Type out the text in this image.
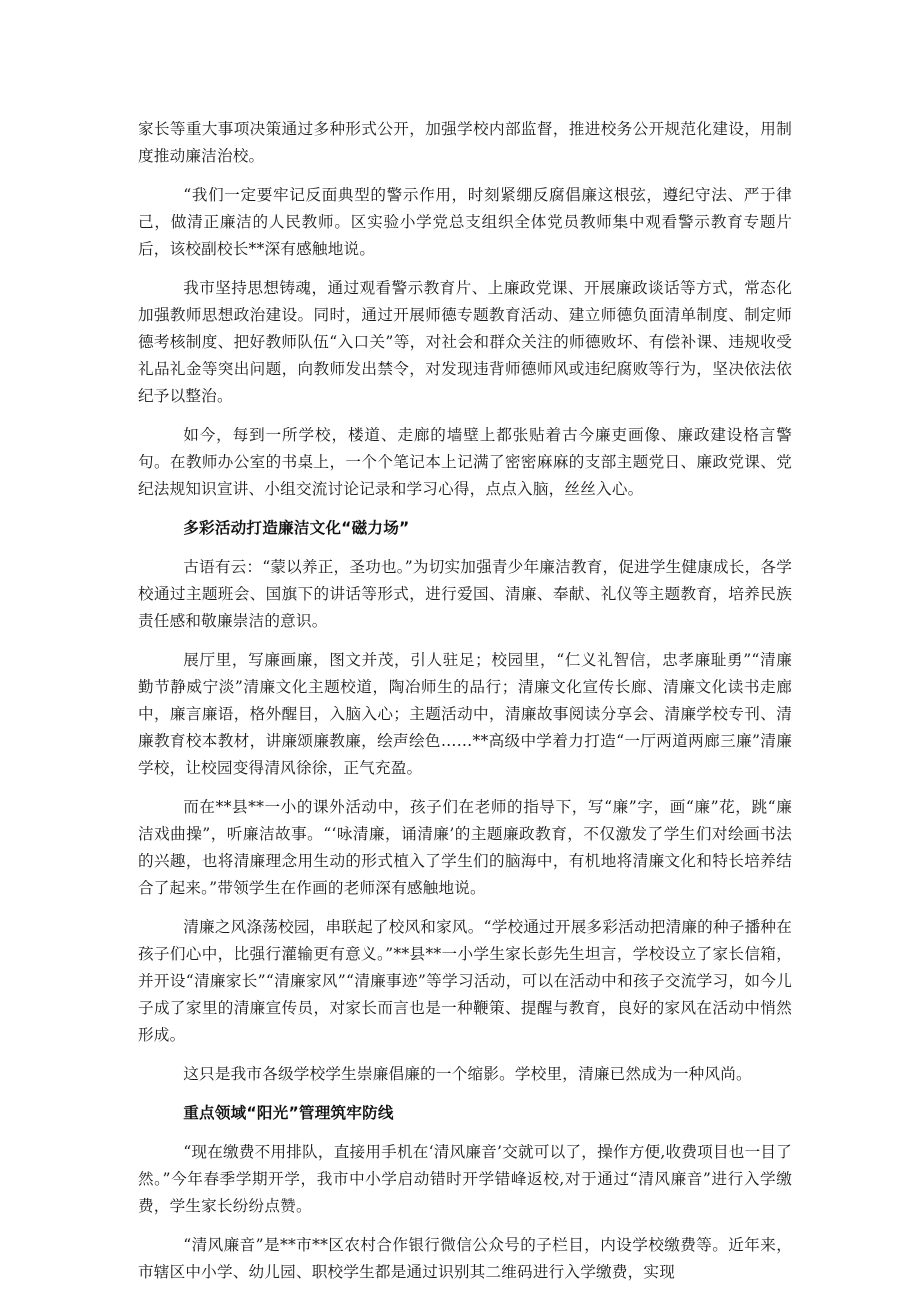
家长等重大事项决策通过多种形式公开，加强学校内部监督，推进校务公开规范化建设，用制度推动廉洁治校。

“我们一定要牢记反面典型的警示作用，时刻紧绷反腐倡廉这根弦，遵纪守法、严于律己，做清正廉洁的人民教师。区实验小学党总支组织全体党员教师集中观看警示教育专题片后，该校副校长**深有感触地说。

我市坚持思想铸魂，通过观看警示教育片、上廉政党课、开展廉政谈话等方式，常态化加强教师思想政治建设。同时，通过开展师德专题教育活动、建立师德负面清单制度、制定师德考核制度、把好教师队伍“入口关”等，对社会和群众关注的师德败坏、有偿补课、违规收受礼品礼金等突出问题，向教师发出禁令，对发现违背师德师风或违纪腐败等行为，坚决依法依纪予以整治。

如今，每到一所学校，楼道、走廊的墙壁上都张贴着古今廉吏画像、廉政建设格言警句。在教师办公室的书桌上，一个个笔记本上记满了密密麻麻的支部主题党日、廉政党课、党纪法规知识宣讲、小组交流讨论记录和学习心得，点点入脑，丝丝入心。

多彩活动打造廉洁文化“磁力场”

古语有云：“蒙以养正，圣功也。”为切实加强青少年廉洁教育，促进学生健康成长，各学校通过主题班会、国旗下的讲话等形式，进行爱国、清廉、奉献、礼仪等主题教育，培养民族责任感和敬廉崇洁的意识。

展厅里，写廉画廉，图文并茂，引人驻足；校园里，“仁义礼智信，忠孝廉耻勇”“清廉勤节静威宁淡”清廉文化主题校道，陶冶师生的品行；清廉文化宣传长廊、清廉文化读书走廊中，廉言廉语，格外醒目，入脑入心；主题活动中，清廉故事阅读分享会、清廉学校专刊、清廉教育校本教材，讲廉颂廉教廉，绘声绘色……**高级中学着力打造“一厅两道两廊三廉”清廉学校，让校园变得清风徐徐，正气充盈。

而在**县**一小的课外活动中，孩子们在老师的指导下，写“廉”字，画“廉”花，跳“廉洁戏曲操”，听廉洁故事。“‘咏清廉，诵清廉’的主题廉政教育，不仅激发了学生们对绘画书法的兴趣，也将清廉理念用生动的形式植入了学生们的脑海中，有机地将清廉文化和特长培养结合了起来。”带领学生在作画的老师深有感触地说。

清廉之风涤荡校园，串联起了校风和家风。“学校通过开展多彩活动把清廉的种子播种在孩子们心中，比强行灌输更有意义。”**县**一小学生家长彭先生坦言，学校设立了家长信箱，并开设“清廉家长”“清廉家风”“清廉事迹”等学习活动，可以在活动中和孩子交流学习，如今儿子成了家里的清廉宣传员，对家长而言也是一种鞭策、提醒与教育，良好的家风在活动中悄然形成。

这只是我市各级学校学生崇廉倡廉的一个缩影。学校里，清廉已然成为一种风尚。

重点领域“阳光”管理筑牢防线

“现在缴费不用排队，直接用手机在‘清风廉音’交就可以了，操作方便,收费项目也一目了然。”今年春季学期开学，我市中小学启动错时开学错峰返校,对于通过“清风廉音”进行入学缴费，学生家长纷纷点赞。

“清风廉音”是**市**区农村合作银行微信公众号的子栏目，内设学校缴费等。近年来，市辖区中小学、幼儿园、职校学生都是通过识别其二维码进行入学缴费，实现
